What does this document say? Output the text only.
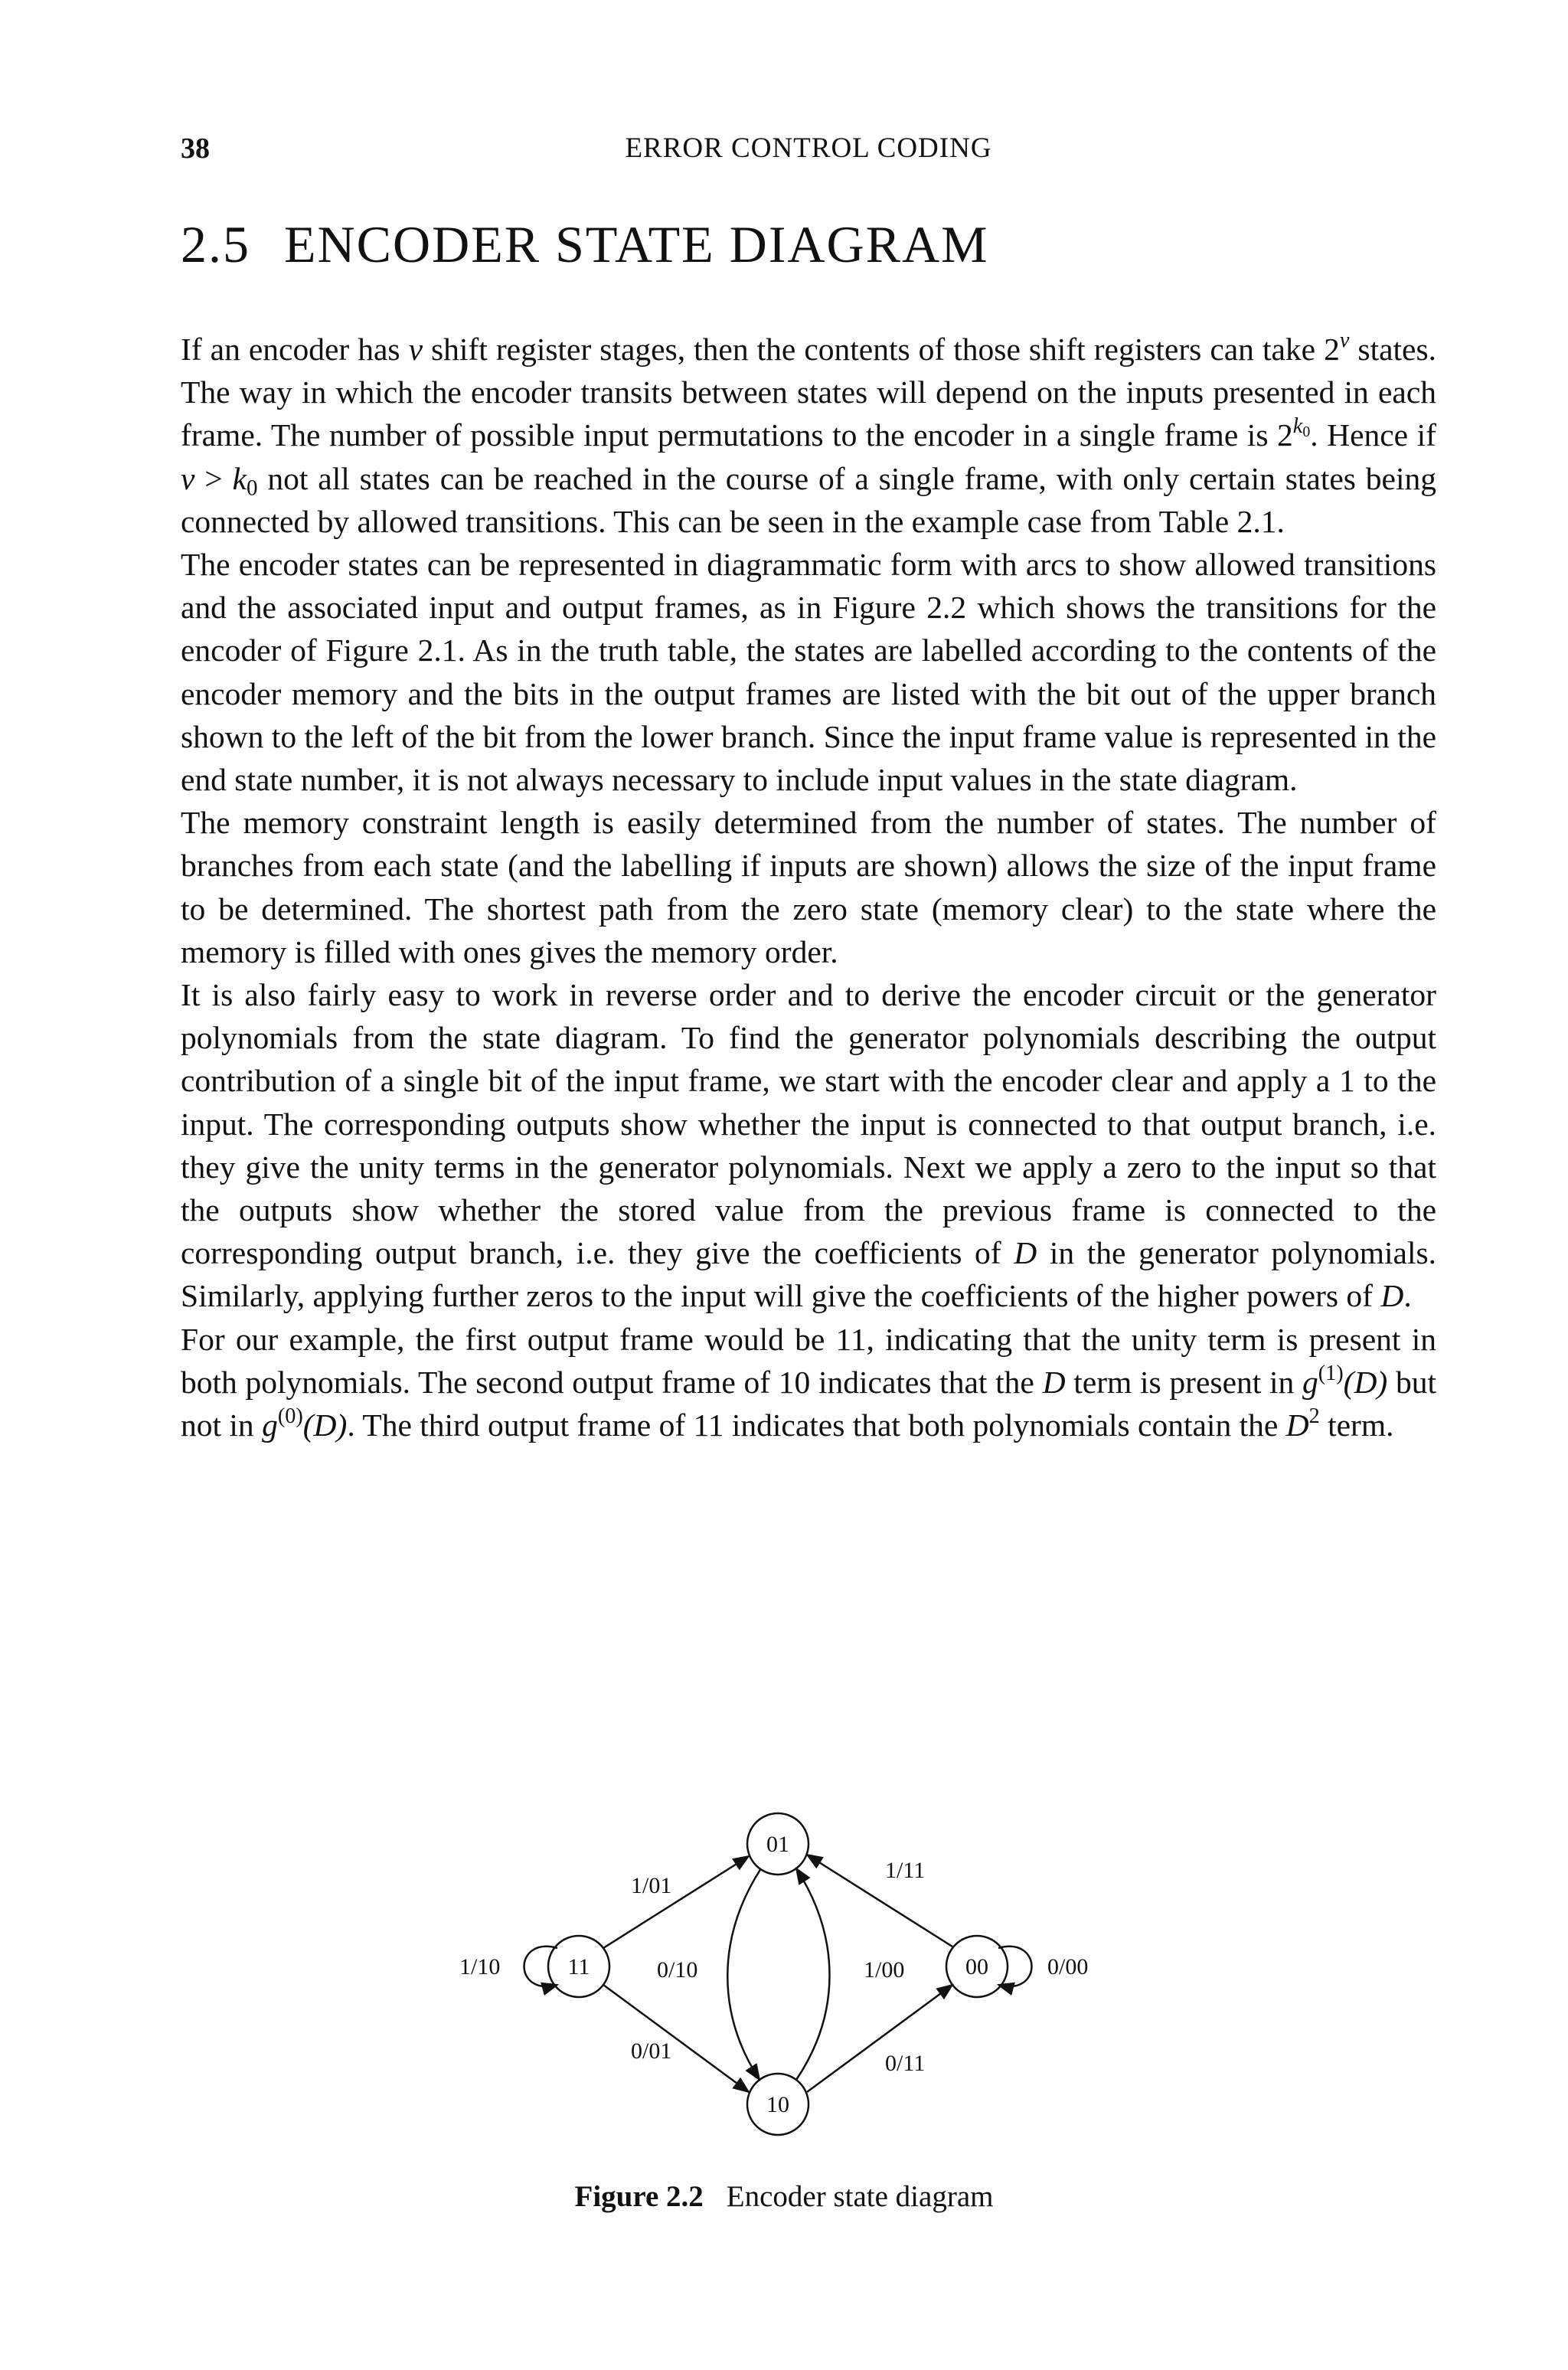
38	ERROR CONTROL CODING
2.5 ENCODER STATE DIAGRAM

If an encoder has v shift register stages, then the contents of those shift registers can take 2$^v$ states. The way in which the encoder transits between states will depend on the inputs presented in each frame. The number of possible input permutations to the encoder in a single frame is $2^{k_0}$. Hence if $v > k_0$ not all states can be reached in the course of a single frame, with only certain states being connected by allowed transitions. This can be seen in the example case from Table 2.1.

The encoder states can be represented in diagrammatic form with arcs to show allowed transitions and the associated input and output frames, as in Figure 2.2 which shows the transitions for the encoder of Figure 2.1. As in the truth table, the states are labelled according to the contents of the encoder memory and the bits in the output frames are listed with the bit out of the upper branch shown to the left of the bit from the lower branch. Since the input frame value is represented in the end state number, it is not always necessary to include input values in the state diagram.

The memory constraint length is easily determined from the number of states. The number of branches from each state (and the labelling if inputs are shown) allows the size of the input frame to be determined. The shortest path from the zero state (memory clear) to the state where the memory is filled with ones gives the memory order.

It is also fairly easy to work in reverse order and to derive the encoder circuit or the generator polynomials from the state diagram. To find the generator polynomials describing the output contribution of a single bit of the input frame, we start with the encoder clear and apply a 1 to the input. The corresponding outputs show whether the input is connected to that output branch, i.e. they give the unity terms in the generator polynomials. Next we apply a zero to the input so that the outputs show whether the stored value from the previous frame is connected to the corresponding output branch, i.e. they give the coefficients of D in the generator polynomials. Similarly, applying further zeros to the input will give the coefficients of the higher powers of D.

For our example, the first output frame would be 11, indicating that the unity term is present in both polynomials. The second output frame of 10 indicates that the D term is present in $g^{(1)}(D)$ but not in $g^{(0)}(D)$. The third output frame of 11 indicates that both polynomials contain the $D^2$ term.

01
11	00
10
1/01
1/11
1/10	0/10	1/00	0/00
0/01	0/11
Figure 2.2 Encoder state diagram
